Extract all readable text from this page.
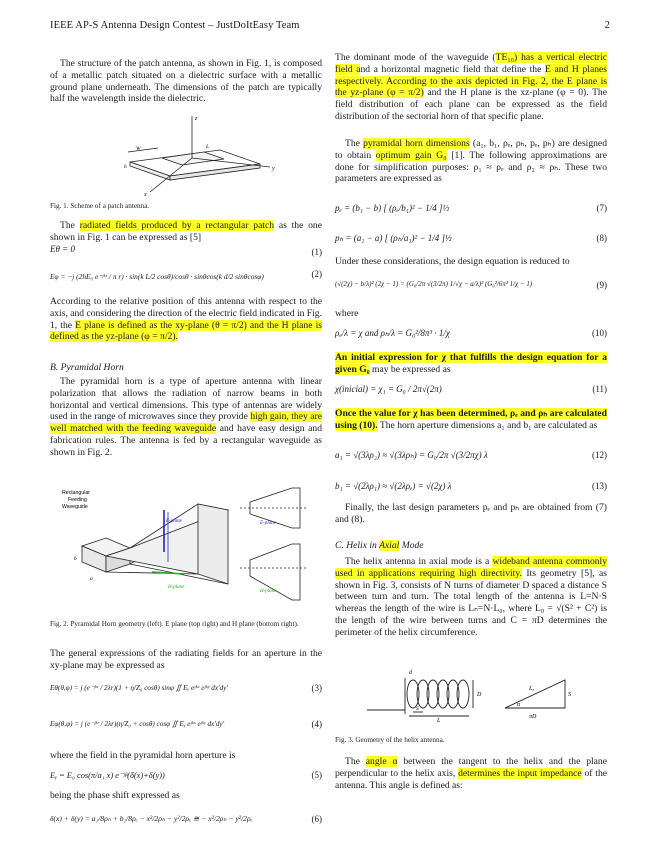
IEEE AP-S Antenna Design Contest – JustDoItEasy Team	2

The structure of the patch antenna, as shown in Fig. 1, is composed of a metallic patch situated on a dielectric surface with a metallic ground plane underneath. The dimensions of the patch are typically half the wavelength inside the dielectric.

z
x
y
W	L
h

Fig. 1. Scheme of a patch antenna.

The radiated fields produced by a rectangular patch as the one shown in Fig. 1 can be expressed as [5]

Eθ = 0	(1)
Eφ = −j (2hE₀ e⁻ʲᵏʳ / π r) · sin(k L/2 cosθ)/cosθ · sinθcos(k d/2 sinθcosφ)	(2)

According to the relative position of this antenna with respect to the axis, and considering the direction of the electric field indicated in Fig. 1, the E plane is defined as the xy-plane (θ = π/2) and the H plane is defined as the yz-plane (φ = π/2).

B. Pyramidal Horn

The pyramidal horn is a type of aperture antenna with linear polarization that allows the radiation of narrow beams in both horizontal and vertical dimensions. This type of antennas are widely used in the range of microwaves since they provide high gain, they are well matched with the feeding waveguide and have easy design and fabrication rules. The antenna is fed by a rectangular waveguide as shown in Fig. 2.

Rectangular
Feeding
Waveguide
E-plane
H-plane
E-plane
H-plane
a
b

Fig. 2. Pyramidal Horn geometry (left). E plane (top right) and H plane (bottom right).

The general expressions of the radiating fields for an aperture in the xy-plane may be expressed as

Eθ(θ,φ) = j (e⁻ʲᵏʳ / 2λr)(1 + η/Z₀ cosθ) sinφ ∬ Eᵧ eʲᵏˣ eʲᵏʸ dx′dy′	(3)
Eφ(θ,φ) = j (e⁻ʲᵏʳ / 2λr)(η/Z₀ + cosθ) cosφ ∬ Eᵧ eʲᵏˣ eʲᵏʸ dx′dy′	(4)

where the field in the pyramidal horn aperture is

Eᵧ = E₀ cos(π/a₁ x) e⁻ʲᵝ(δ(x)+δ(y))	(5)

being the phase shift expressed as

δ(x) + δ(y) = a₁/8ρₕ + b₁/8ρₑ − x²/2ρₕ − y²/2ρₑ ≅ − x²/2ρₕ − y²/2ρₑ	(6)

The dominant mode of the waveguide (TE₁₀) has a vertical electric field and a horizontal magnetic field that define the E and H planes respectively. According to the axis depicted in Fig. 2, the E plane is the yz-plane (φ = π/2) and the H plane is the xz-plane (φ = 0). The field distribution of each plane can be expressed as the field distribution of the sectorial horn of that specific plane.

The pyramidal horn dimensions (a₁, b₁, ρₑ, ρₕ, pₑ, pₕ) are designed to obtain optimum gain G₀ [1]. The following approximations are done for simplification purposes: ρ₁ ≈ ρₑ and ρ₂ ≈ ρₕ. These two parameters are expressed as

pₑ = (b₁ − b) [ (ρₑ/b₁)² − 1/4 ]½	(7)
pₕ = (a₁ − a) [ (ρₕ/a₁)² − 1/4 ]½	(8)

Under these considerations, the design equation is reduced to

(√(2χ) − b/λ)² (2χ − 1) = (G₀/2π √(3/2π) 1/√χ − a/λ)² (G₀²/6π³ 1/χ − 1)	(9)

where

ρₑ/λ = χ and ρₕ/λ = G₀²/8π³ · 1/χ	(10)

An initial expression for χ that fulfills the design equation for a given G₀ may be expressed as

χ(inicial) = χ₁ = G₀ / 2π√(2π)	(11)

Once the value for χ has been determined, ρₑ and ρₕ are calculated using (10). The horn aperture dimensions a₁ and b₁ are calculated as

a₁ = √(3λρ₂) ≈ √(3λρₕ) = G₀/2π √(3/2πχ) λ	(12)
b₁ = √(2λρ₁) ≈ √(2λρₑ) = √(2χ) λ	(13)

Finally, the last design parameters pₑ and pₕ are obtained from (7) and (8).

C. Helix in Axial Mode

The helix antenna in axial mode is a wideband antenna commonly used in applications requiring high directivity. Its geometry [5], as shown in Fig. 3, consists of N turns of diameter D spaced a distance S between turn and turn. The total length of the antenna is L=N·S whereas the length of the wire is Lₙ=N·L₀, where L₀ = √(S² + C²) is the length of the wire between turns and C = πD determines the perimeter of the helix circumference.

d
D
S
L
L₀
α
πD
S

Fig. 3. Geometry of the helix antenna.

The angle α between the tangent to the helix and the plane perpendicular to the helix axis, determines the input impedance of the antenna. This angle is defined as:
